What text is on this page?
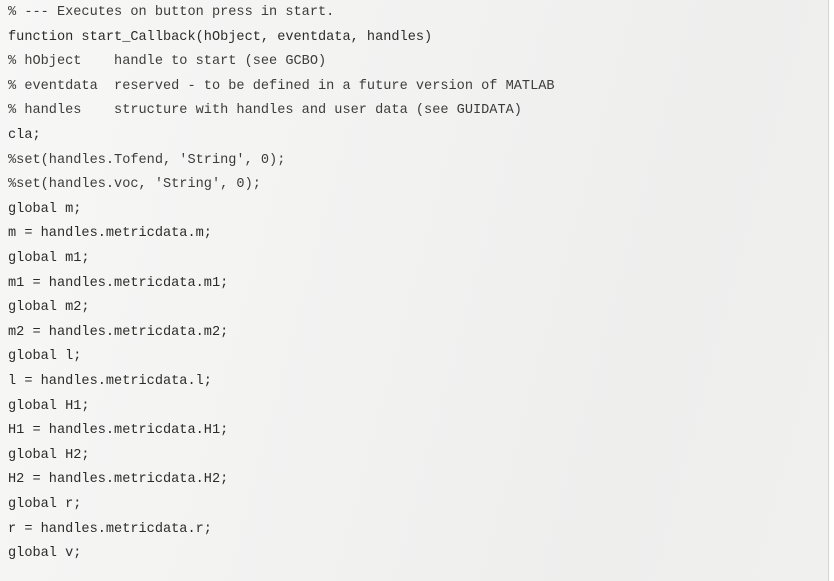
% --- Executes on button press in start.
function start_Callback(hObject, eventdata, handles)
% hObject    handle to start (see GCBO)
% eventdata  reserved - to be defined in a future version of MATLAB
% handles    structure with handles and user data (see GUIDATA)
cla;
%set(handles.Tofend, 'String', 0);
%set(handles.voc, 'String', 0);
global m;
m = handles.metricdata.m;
global m1;
m1 = handles.metricdata.m1;
global m2;
m2 = handles.metricdata.m2;
global l;
l = handles.metricdata.l;
global H1;
H1 = handles.metricdata.H1;
global H2;
H2 = handles.metricdata.H2;
global r;
r = handles.metricdata.r;
global v;
